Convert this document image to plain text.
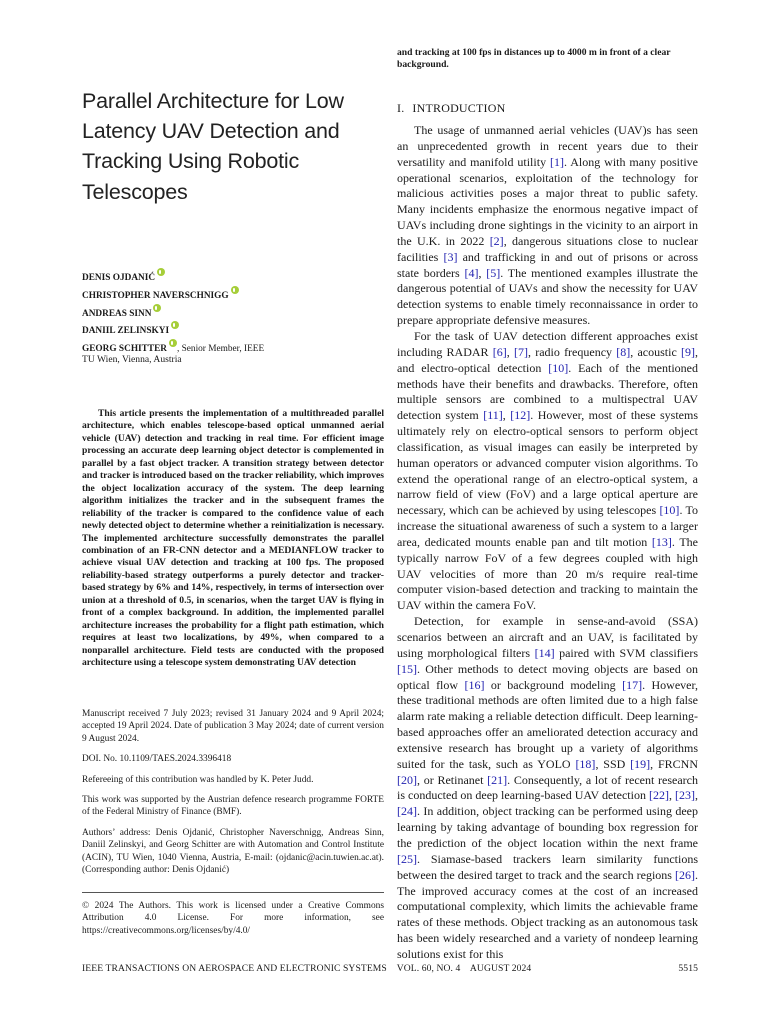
and tracking at 100 fps in distances up to 4000 m in front of a clear background.

Parallel Architecture for Low Latency UAV Detection and Tracking Using Robotic Telescopes
DENIS OJDANIĆ
CHRISTOPHER NAVERSCHNIGG
ANDREAS SINN
DANIIL ZELINSKYI
GEORG SCHITTER , Senior Member, IEEE
TU Wien, Vienna, Austria

This article presents the implementation of a multithreaded parallel architecture, which enables telescope-based optical unmanned aerial vehicle (UAV) detection and tracking in real time. For efficient image processing an accurate deep learning object detector is complemented in parallel by a fast object tracker. A transition strategy between detector and tracker is introduced based on the tracker reliability, which improves the object localization accuracy of the system. The deep learning algorithm initializes the tracker and in the subsequent frames the reliability of the tracker is compared to the confidence value of each newly detected object to determine whether a reinitialization is necessary. The implemented architecture successfully demonstrates the parallel combination of an FR-CNN detector and a MEDIANFLOW tracker to achieve visual UAV detection and tracking at 100 fps. The proposed reliability-based strategy outperforms a purely detector and tracker-based strategy by 6% and 14%, respectively, in terms of intersection over union at a threshold of 0.5, in scenarios, when the target UAV is flying in front of a complex background. In addition, the implemented parallel architecture increases the probability for a flight path estimation, which requires at least two localizations, by 49%, when compared to a nonparallel architecture. Field tests are conducted with the proposed architecture using a telescope system demonstrating UAV detection

Manuscript received 7 July 2023; revised 31 January 2024 and 9 April 2024; accepted 19 April 2024. Date of publication 3 May 2024; date of current version 9 August 2024.

DOI. No. 10.1109/TAES.2024.3396418

Refereeing of this contribution was handled by K. Peter Judd.

This work was supported by the Austrian defence research programme FORTE of the Federal Ministry of Finance (BMF).

Authors’ address: Denis Ojdanić, Christopher Naverschnigg, Andreas Sinn, Daniil Zelinskyi, and Georg Schitter are with Automation and Control Institute (ACIN), TU Wien, 1040 Vienna, Austria, E-mail: (ojdanic@acin.tuwien.ac.at). (Corresponding author: Denis Ojdanić)

© 2024 The Authors. This work is licensed under a Creative Commons Attribution 4.0 License. For more information, see https://creativecommons.org/licenses/by/4.0/

I. INTRODUCTION

The usage of unmanned aerial vehicles (UAV)s has seen an unprecedented growth in recent years due to their versatility and manifold utility [1]. Along with many positive operational scenarios, exploitation of the technology for malicious activities poses a major threat to public safety. Many incidents emphasize the enormous negative impact of UAVs including drone sightings in the vicinity to an airport in the U.K. in 2022 [2], dangerous situations close to nuclear facilities [3] and trafficking in and out of prisons or across state borders [4], [5]. The mentioned examples illustrate the dangerous potential of UAVs and show the necessity for UAV detection systems to enable timely reconnaissance in order to prepare appropriate defensive measures.

For the task of UAV detection different approaches exist including RADAR [6], [7], radio frequency [8], acoustic [9], and electro-optical detection [10]. Each of the mentioned methods have their benefits and drawbacks. Therefore, often multiple sensors are combined to a multispectral UAV detection system [11], [12]. However, most of these systems ultimately rely on electro-optical sensors to perform object classification, as visual images can easily be interpreted by human operators or advanced computer vision algorithms. To extend the operational range of an electro-optical system, a narrow field of view (FoV) and a large optical aperture are necessary, which can be achieved by using telescopes [10]. To increase the situational awareness of such a system to a larger area, dedicated mounts enable pan and tilt motion [13]. The typically narrow FoV of a few degrees coupled with high UAV velocities of more than 20 m/s require real-time computer vision-based detection and tracking to maintain the UAV within the camera FoV.

Detection, for example in sense-and-avoid (SSA) scenarios between an aircraft and an UAV, is facilitated by using morphological filters [14] paired with SVM classifiers [15]. Other methods to detect moving objects are based on optical flow [16] or background modeling [17]. However, these traditional methods are often limited due to a high false alarm rate making a reliable detection difficult. Deep learning-based approaches offer an ameliorated detection accuracy and extensive research has brought up a variety of algorithms suited for the task, such as YOLO [18], SSD [19], FRCNN [20], or Retinanet [21]. Consequently, a lot of recent research is conducted on deep learning-based UAV detection [22], [23], [24]. In addition, object tracking can be performed using deep learning by taking advantage of bounding box regression for the prediction of the object location within the next frame [25]. Siamase-based trackers learn similarity functions between the desired target to track and the search regions [26]. The improved accuracy comes at the cost of an increased computational complexity, which limits the achievable frame rates of these methods. Object tracking as an autonomous task has been widely researched and a variety of nondeep learning solutions exist for this

IEEE TRANSACTIONS ON AEROSPACE AND ELECTRONIC SYSTEMS    VOL. 60, NO. 4    AUGUST 2024	5515
